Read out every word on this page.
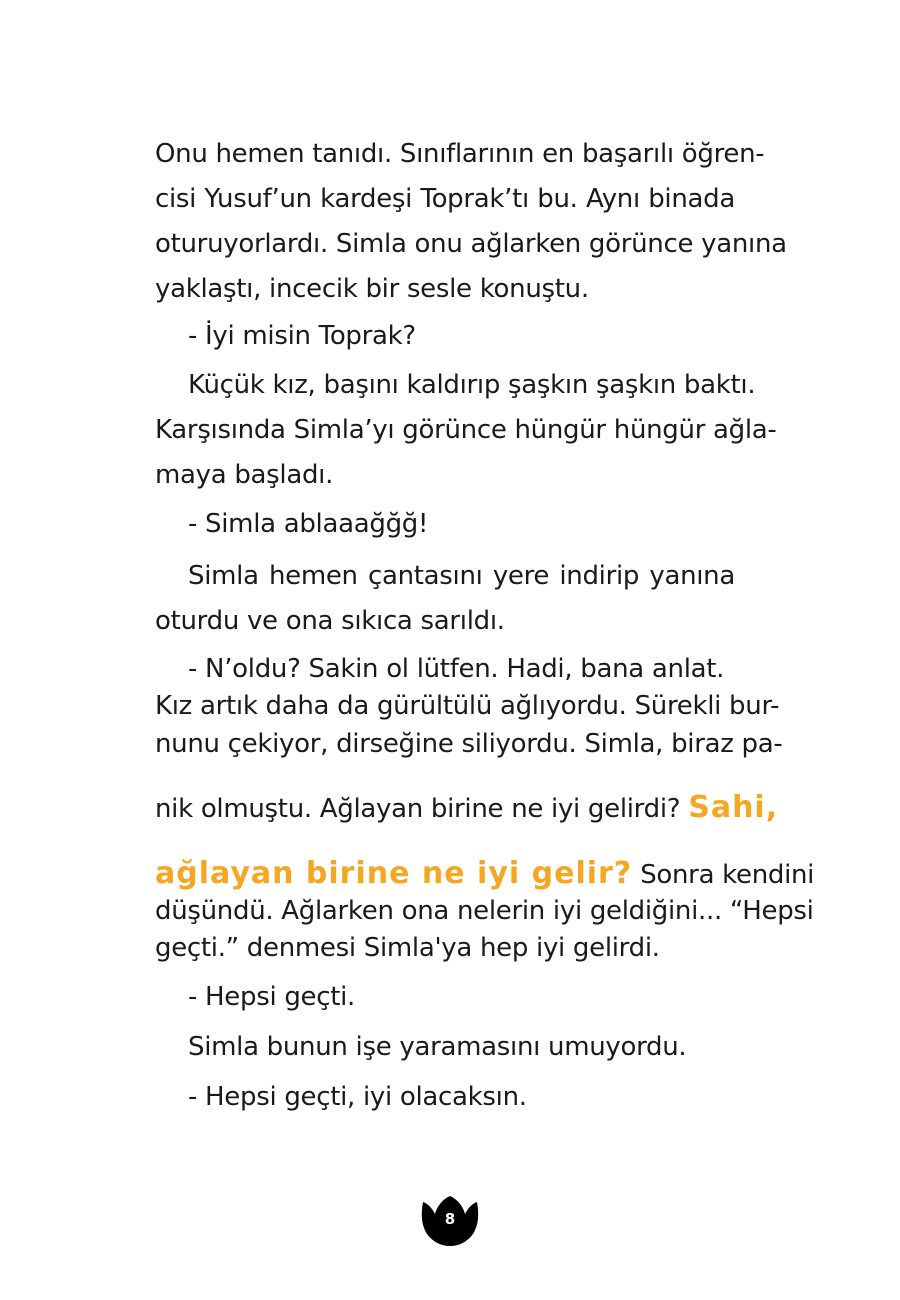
Onu hemen tanıdı. Sınıflarının en başarılı öğren-
cisi Yusuf’un kardeşi Toprak’tı bu. Aynı binada
oturuyorlardı. Simla onu ağlarken görünce yanına
yaklaştı, incecik bir sesle konuştu.
- İyi misin Toprak?
Küçük kız, başını kaldırıp şaşkın şaşkın baktı.
Karşısında Simla’yı görünce hüngür hüngür ağla-
maya başladı.
- Simla ablaaağğğ!
Simla hemen çantasını yere indirip yanına
oturdu ve ona sıkıca sarıldı.
- N’oldu? Sakin ol lütfen. Hadi, bana anlat.
Kız artık daha da gürültülü ağlıyordu. Sürekli bur-
nunu çekiyor, dirseğine siliyordu. Simla, biraz pa-
nik olmuştu. Ağlayan birine ne iyi gelirdi? Sahi,
ağlayan birine ne iyi gelir? Sonra kendini
düşündü. Ağlarken ona nelerin iyi geldiğini... “Hepsi
geçti.” denmesi Simla'ya hep iyi gelirdi.
- Hepsi geçti.
Simla bunun işe yaramasını umuyordu.
- Hepsi geçti, iyi olacaksın.
8
